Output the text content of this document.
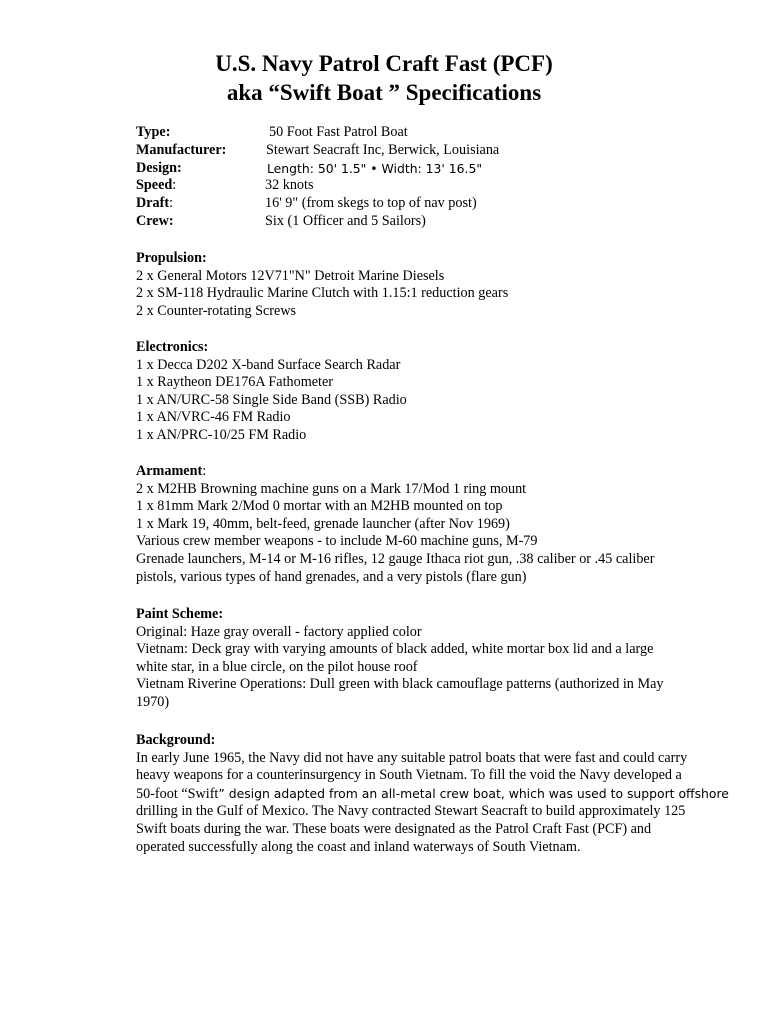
U.S. Navy Patrol Craft Fast (PCF)
aka “Swift Boat ” Specifications
Type:	50 Foot Fast Patrol Boat
Manufacturer:	Stewart Seacraft Inc, Berwick, Louisiana
Design:	Length: 50' 1.5" • Width: 13' 16.5"
Speed:	32 knots
Draft:	16' 9" (from skegs to top of nav post)
Crew:	Six (1 Officer and 5 Sailors)
Propulsion:
2 x General Motors 12V71"N" Detroit Marine Diesels
2 x SM-118 Hydraulic Marine Clutch with 1.15:1 reduction gears
2 x Counter-rotating Screws
Electronics:
1 x Decca D202 X-band Surface Search Radar
1 x Raytheon DE176A Fathometer
1 x AN/URC-58 Single Side Band (SSB) Radio
1 x AN/VRC-46 FM Radio
1 x AN/PRC-10/25 FM Radio
Armament:
2 x M2HB Browning machine guns on a Mark 17/Mod 1 ring mount
1 x 81mm Mark 2/Mod 0 mortar with an M2HB mounted on top
1 x Mark 19, 40mm, belt-feed, grenade launcher (after Nov 1969)
Various crew member weapons - to include M-60 machine guns, M-79
Grenade launchers, M-14 or M-16 rifles, 12 gauge Ithaca riot gun, .38 caliber or .45 caliber
pistols, various types of hand grenades, and a very pistols (flare gun)
Paint Scheme:
Original: Haze gray overall - factory applied color
Vietnam: Deck gray with varying amounts of black added, white mortar box lid and a large
white star, in a blue circle, on the pilot house roof
Vietnam Riverine Operations: Dull green with black camouflage patterns (authorized in May
1970)
Background:

In early June 1965, the Navy did not have any suitable patrol boats that were fast and could carry

heavy weapons for a counterinsurgency in South Vietnam. To fill the void the Navy developed a

50-foot “Swift” design adapted from an all-metal crew boat, which was used to support offshore

drilling in the Gulf of Mexico. The Navy contracted Stewart Seacraft to build approximately 125

Swift boats during the war. These boats were designated as the Patrol Craft Fast (PCF) and

operated successfully along the coast and inland waterways of South Vietnam.
